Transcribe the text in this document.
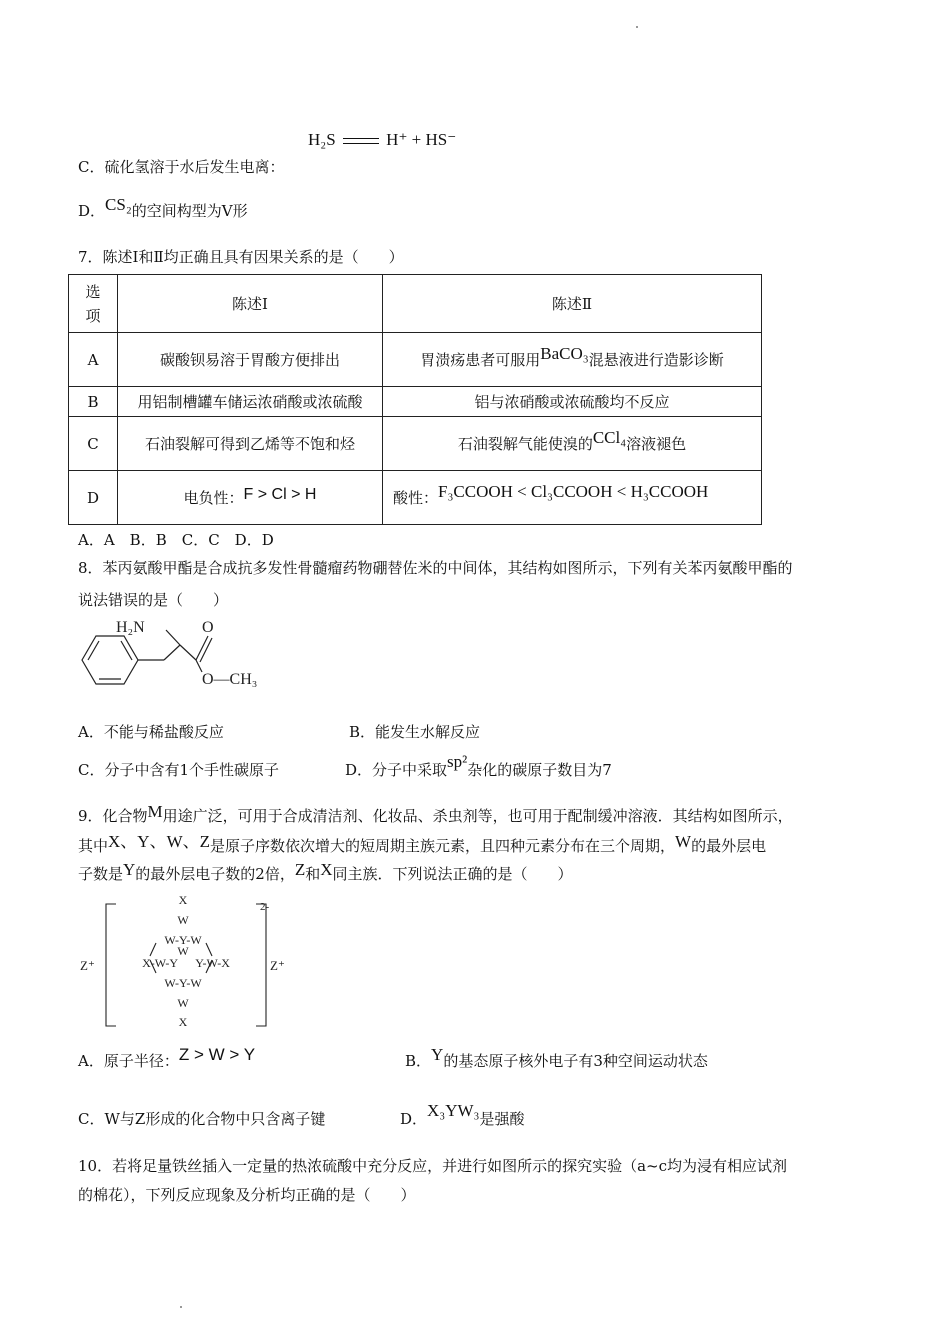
H₂S	H⁺ + HS⁻
C．硫化氢溶于水后发生电离：
D．CS₂的空间构型为V形
7．陈述Ⅰ和Ⅱ均正确且具有因果关系的是（　　）
选
项	陈述Ⅰ	陈述Ⅱ
A	碳酸钡易溶于胃酸方便排出	胃溃疡患者可服用BaCO₃混悬液进行造影诊断
B	用铝制槽罐车储运浓硝酸或浓硫酸	铝与浓硝酸或浓硫酸均不反应
C	石油裂解可得到乙烯等不饱和烃	石油裂解气能使溴的CCl₄溶液褪色
D	电负性：F > Cl > H	酸性：F₃CCOOH < Cl₃CCOOH < H₃CCOOH
A．A　B．B　C．C　D．D
8．苯丙氨酸甲酯是合成抗多发性骨髓瘤药物硼替佐米的中间体，其结构如图所示，下列有关苯丙氨酸甲酯的
说法错误的是（　　）
H₂N	O
O—CH₃
A．不能与稀盐酸反应	B．能发生水解反应
C．分子中含有1个手性碳原子	D．分子中采取sp²杂化的碳原子数目为7
9．化合物M用途广泛，可用于合成清洁剂、化妆品、杀虫剂等，也可用于配制缓冲溶液．其结构如图所示，
其中X、Y、W、Z是原子序数依次增大的短周期主族元素，且四种元素分布在三个周期，W的最外层电
子数是Y的最外层电子数的2倍，Z和X同主族．下列说法正确的是（　　）
X
W
W-Y-W
X-W-Y      Y-W-X
W
W-Y-W
W
X
2-
Z⁺	Z⁺
A．原子半径：Z > W > Y	B．Y的基态原子核外电子有3种空间运动状态
C．W与Z形成的化合物中只含离子键	D．X₃YW₃是强酸
10．若将足量铁丝插入一定量的热浓硫酸中充分反应，并进行如图所示的探究实验（a~c均为浸有相应试剂
的棉花），下列反应现象及分析均正确的是（　　）
